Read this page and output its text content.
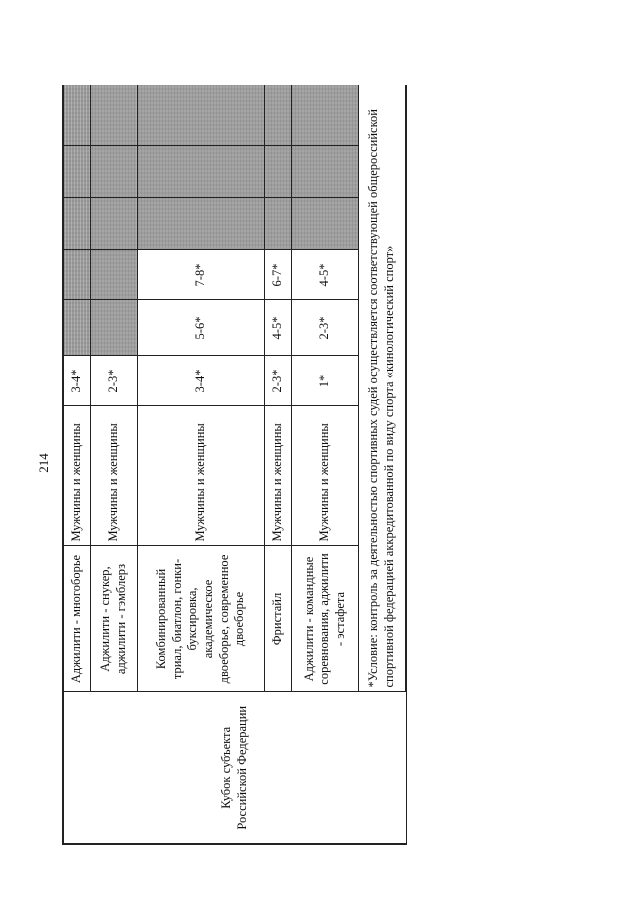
214
Кубок субъекта Российской Федерации	Аджилити - многоборье	Мужчины и женщины	3-4*					
	Аджилити - снукер, аджилити - гэмблерз	Мужчины и женщины	2-3*					
	Комбинированный триал, биатлон, гонки-буксировка, академическое двоеборье, современное двоеборье	Мужчины и женщины	3-4*	5-6*	7-8*			
	Фристайл	Мужчины и женщины	2-3*	4-5*	6-7*			
	Аджилити - командные соревнования, аджилити - эстафета	Мужчины и женщины	1*	2-3*	4-5*			
	*Условие: контроль за деятельностью спортивных судей осуществляется соответствующей общероссийской спортивной федерацией аккредитованной по виду спорта «кинологический спорт»							
